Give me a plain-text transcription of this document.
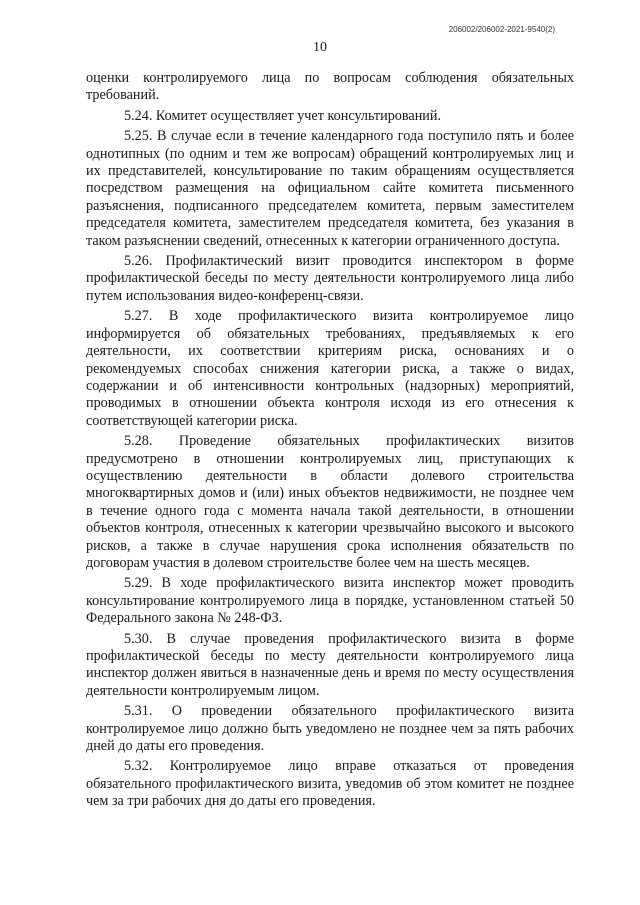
206002/206002-2021-9540(2)
10

оценки контролируемого лица по вопросам соблюдения обязательных требований.

5.24. Комитет осуществляет учет консультирований.

5.25. В случае если в течение календарного года поступило пять и более однотипных (по одним и тем же вопросам) обращений контролируемых лиц и их представителей, консультирование по таким обращениям осуществляется посредством размещения на официальном сайте комитета письменного разъяснения, подписанного председателем комитета, первым заместителем председателя комитета, заместителем председателя комитета, без указания в таком разъяснении сведений, отнесенных к категории ограниченного доступа.

5.26. Профилактический визит проводится инспектором в форме профилактической беседы по месту деятельности контролируемого лица либо путем использования видео-конференц-связи.

5.27. В ходе профилактического визита контролируемое лицо информируется об обязательных требованиях, предъявляемых к его деятельности, их соответствии критериям риска, основаниях и о рекомендуемых способах снижения категории риска, а также о видах, содержании и об интенсивности контрольных (надзорных) мероприятий, проводимых в отношении объекта контроля исходя из его отнесения к соответствующей категории риска.

5.28. Проведение обязательных профилактических визитов предусмотрено в отношении контролируемых лиц, приступающих к осуществлению деятельности в области долевого строительства многоквартирных домов и (или) иных объектов недвижимости, не позднее чем в течение одного года с момента начала такой деятельности, в отношении объектов контроля, отнесенных к категории чрезвычайно высокого и высокого рисков, а также в случае нарушения срока исполнения обязательств по договорам участия в долевом строительстве более чем на шесть месяцев.

5.29. В ходе профилактического визита инспектор может проводить консультирование контролируемого лица в порядке, установленном статьей 50 Федерального закона № 248-ФЗ.

5.30. В случае проведения профилактического визита в форме профилактической беседы по месту деятельности контролируемого лица инспектор должен явиться в назначенные день и время по месту осуществления деятельности контролируемым лицом.

5.31. О проведении обязательного профилактического визита контролируемое лицо должно быть уведомлено не позднее чем за пять рабочих дней до даты его проведения.

5.32. Контролируемое лицо вправе отказаться от проведения обязательного профилактического визита, уведомив об этом комитет не позднее чем за три рабочих дня до даты его проведения.
